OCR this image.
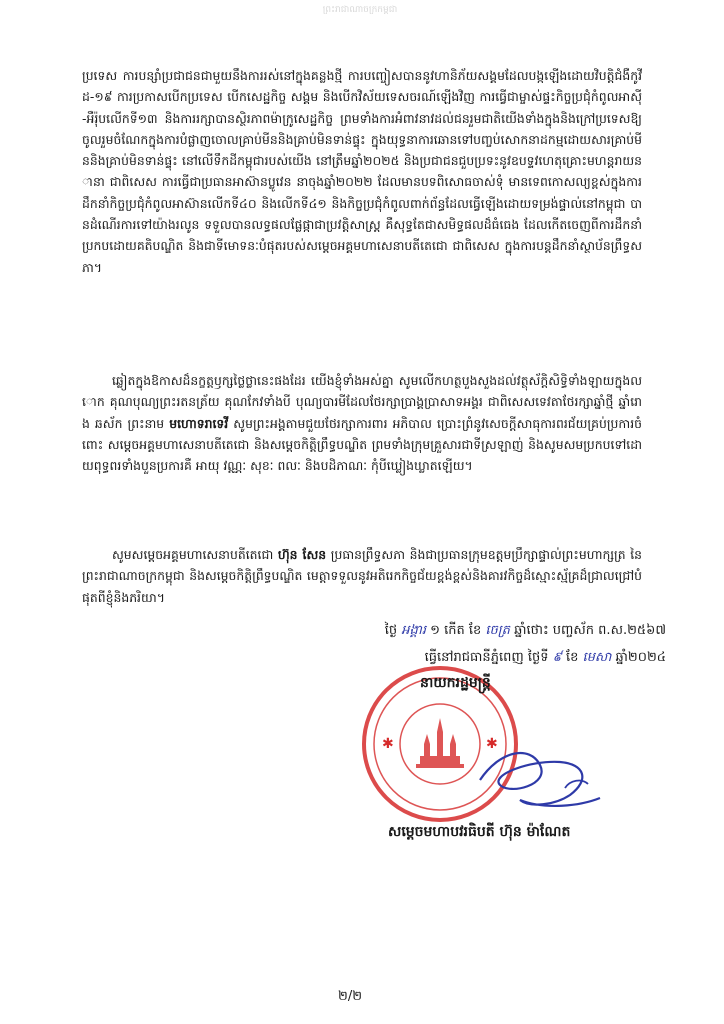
ព្រះរាជាណាចក្រកម្ពុជា
ប្រទេស ការបន្សាំប្រជាជនជាមួយនឹងការរស់នៅក្នុងគន្លងថ្មី ការបញ្ចៀសបាននូវហានិភ័យសង្គមដែលបង្កឡើងដោយវិបត្តិជំងឺកូវីដ-១៩ ការប្រកាសបើកប្រទេស បើកសេដ្ឋកិច្ច សង្គម និងបើកវិស័យទេសចរណ៍ឡើងវិញ ការធ្វើជាម្ចាស់ផ្ទះកិច្ចប្រជុំកំពូលអាស៊ី-អឺរ៉ុបលើកទី១៣ និងការរក្សាបានស្ថិរភាពម៉ាក្រូសេដ្ឋកិច្ច ព្រមទាំងការអំពាវនាវដល់ជនរួមជាតិយើងទាំងក្នុងនិងក្រៅប្រទេសឱ្យ ចូលរួមចំណែកក្នុងការបំផ្លាញចោលគ្រាប់មីននិងគ្រាប់មិនទាន់ផ្ទុះ ក្នុងយុទ្ធនាការឆោនទៅបញ្ចប់សោកនាដកម្មដោយសារគ្រាប់មីននិងគ្រាប់មិនទាន់ផ្ទុះ នៅលើទឹកដីកម្ពុជារបស់យើង នៅត្រឹមឆ្នាំ២០២៥ និងប្រជាជនជួបប្រទះនូវឧបទ្ទវហេតុគ្រោះមហន្តរាយនានា ជាពិសេស ការធ្វើជាប្រធានអាស៊ានប្លូវេន នាចុងឆ្នាំ២០២២ ដែលមានបទពិសោធចាស់ទុំ មានទេពកោសល្យខ្ពស់ក្នុងការដឹកនាំកិច្ចប្រជុំកំពូលអាស៊ានលើកទី៤០ និងលើកទី៤១ និងកិច្ចប្រជុំកំពូលពាក់ព័ន្ធដែលធ្វើឡើងដោយទម្រង់ផ្ទាល់នៅកម្ពុជា បានដំណើរការទៅយ៉ាងរលូន ទទួលបានលទ្ធផលផ្លែផ្កាជាប្រវត្តិសាស្ត្រ គឺសុទ្ធតែជាសមិទ្ធផលដ៏ធំធេង ដែលកើតចេញពីការដឹកនាំប្រកបដោយគតិបណ្ឌិត និងជាទីមោទនៈបំផុតរបស់សម្ដេចអគ្គមហាសេនាបតីតេជោ ជាពិសេស ក្នុងការបន្តដឹកនាំស្ថាប័នព្រឹទ្ធសភា។
ឆ្លៀតក្នុងឱកាសដ៏នក្ខត្តឫក្សថ្លៃថ្លានេះផងដែរ យើងខ្ញុំទាំងអស់គ្នា សូមលើកហត្ថបួងសួងដល់វត្ថុស័ក្តិសិទ្ធិទាំងឡាយក្នុងលោក គុណបុណ្យព្រះរតនត្រ័យ គុណកែវទាំងបី បុណ្យបារមីដែលថែរក្សាប្រាង្គប្រាសាទអង្គរ ជាពិសេសទេវតាថែរក្សាឆ្នាំថ្មី ឆ្នាំរោង ឆស័ក ព្រះនាម មហោទរាទេវី សូមព្រះអង្គតាមជួយថែរក្សាការពារ អភិបាល ប្រោះព្រំនូវសេចក្តីសាធុការពរជ័យគ្រប់ប្រការចំពោះ សម្ដេចអគ្គមហាសេនាបតីតេជោ និងសម្ដេចកិត្តិព្រឹទ្ធបណ្ឌិត ព្រមទាំងក្រុមគ្រួសារជាទីស្រឡាញ់ និងសូមសមប្រកបទៅដោយពុទ្ធពរទាំងបួនប្រការគឺ អាយុ វណ្ណៈ សុខៈ ពលៈ និងបដិភាណៈ កុំបីឃ្លៀងឃ្លាតឡើយ។
សូមសម្ដេចអគ្គមហាសេនាបតីតេជោ ហ៊ុន សែន ប្រធានព្រឹទ្ធសភា និងជាប្រធានក្រុមឧត្តមប្រឹក្សាផ្ទាល់ព្រះមហាក្សត្រ នៃព្រះរាជាណាចក្រកម្ពុជា និងសម្ដេចកិត្តិព្រឹទ្ធបណ្ឌិត មេត្តាទទួលនូវអតិរេកកិច្ចជ័យខ្ពង់ខ្ពស់និងគារវកិច្ចដ៏ស្មោះស្ម័គ្រដ៏ជ្រាលជ្រៅបំផុតពីខ្ញុំនិងភរិយា។
ថ្ងៃ អង្គារ ១ កើត ខែ ចេត្រ ឆ្នាំថោះ បញ្ចស័ក ព.ស.២៥៦៧
ធ្វើនៅរាជធានីភ្នំពេញ ថ្ងៃទី ៩ ខែ មេសា ឆ្នាំ២០២៤
✱	✱
នាយករដ្ឋមន្ត្រី
សម្ដេចមហាបវរធិបតី ហ៊ុន ម៉ាណែត
២/២
